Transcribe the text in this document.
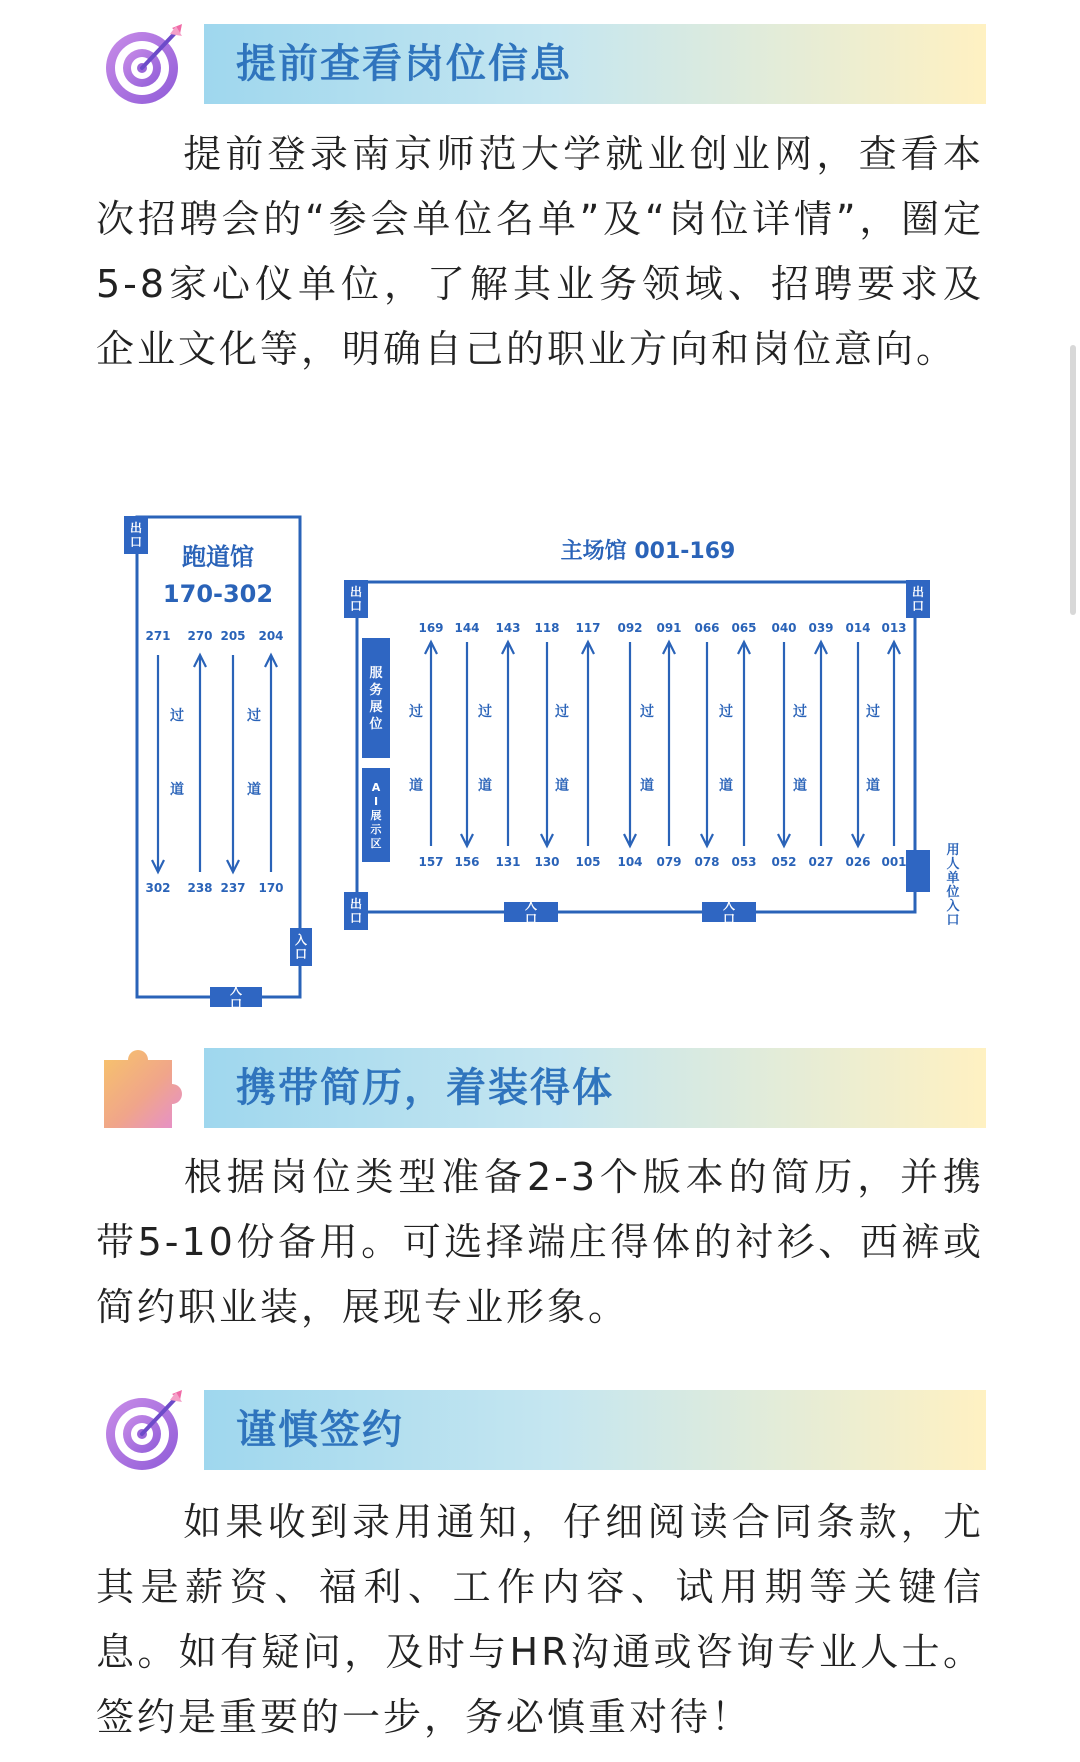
提前查看岗位信息

提前登录南京师范大学就业创业网，查看本次招聘会的“参会单位名单”及“岗位详情”，圈定5-8家心仪单位，了解其业务领域、招聘要求及企业文化等，明确自己的职业方向和岗位意向。

出
口
入
口
入
口
跑道馆
170-302
271 270 205 204
302 238 237 170
过
道
过
道
主场馆 001-169
出
口
出
口
出
口
入
口
入
口
服
务
展
位
A
I
展
示
区	用
人
单
位
入
口
169 144 143 118 117 092 091 066 065 040 039 014 013
157 156 131 130 105 104 079 078 053 052 027 026 001
过
道
过
道
过
道
过
道
过
道
过
道
过
道
携带简历，着装得体

根据岗位类型准备2-3个版本的简历，并携带5-10份备用。可选择端庄得体的衬衫、西裤或简约职业装，展现专业形象。

谨慎签约

如果收到录用通知，仔细阅读合同条款，尤其是薪资、福利、工作内容、试用期等关键信息。如有疑问，及时与HR沟通或咨询专业人士。签约是重要的一步，务必慎重对待！
